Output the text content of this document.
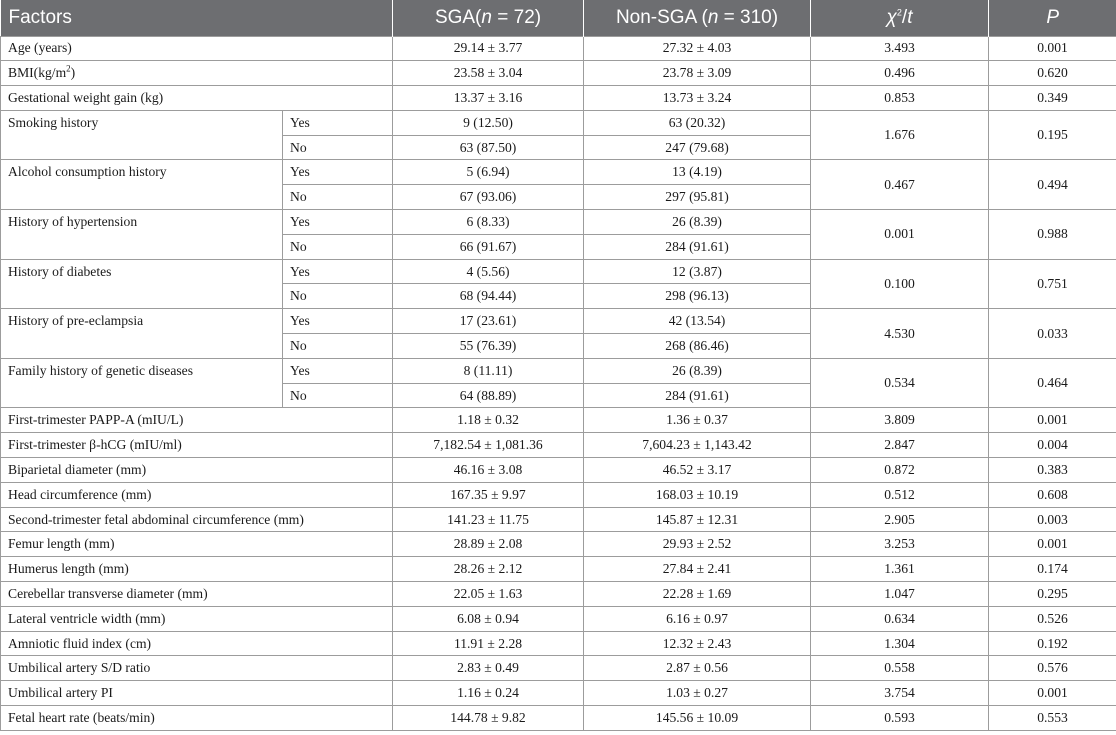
Factors		SGA(n = 72)	Non-SGA (n = 310)	$\chi^2/t$	P
Age (years)		29.14 ± 3.77	27.32 ± 4.03	3.493	0.001
$BMI(kg/m^2)$		23.58 ± 3.04	23.78 ± 3.09	0.496	0.620
Gestational weight gain (kg)		13.37 ± 3.16	13.73 ± 3.24	0.853	0.349
Smoking history	Yes	9 (12.50)	63 (20.32)	1.676	0.195
	No	63 (87.50)	247 (79.68)		
Alcohol consumption history	Yes	5 (6.94)	13 (4.19)	0.467	0.494
	No	67 (93.06)	297 (95.81)		
History of hypertension	Yes	6 (8.33)	26 (8.39)	0.001	0.988
	No	66 (91.67)	284 (91.61)		
History of diabetes	Yes	4 (5.56)	12 (3.87)	0.100	0.751
	No	68 (94.44)	298 (96.13)		
History of pre-eclampsia	Yes	17 (23.61)	42 (13.54)	4.530	0.033
	No	55 (76.39)	268 (86.46)		
Family history of genetic diseases	Yes	8 (11.11)	26 (8.39)	0.534	0.464
	No	64 (88.89)	284 (91.61)		
First-trimester PAPP-A (mIU/L)		1.18 ± 0.32	1.36 ± 0.37	3.809	0.001
First-trimester β-hCG (mIU/ml)		7,182.54 ± 1,081.36	7,604.23 ± 1,143.42	2.847	0.004
Biparietal diameter (mm)		46.16 ± 3.08	46.52 ± 3.17	0.872	0.383
Head circumference (mm)		167.35 ± 9.97	168.03 ± 10.19	0.512	0.608
Second-trimester fetal abdominal circumference (mm)		141.23 ± 11.75	145.87 ± 12.31	2.905	0.003
Femur length (mm)		28.89 ± 2.08	29.93 ± 2.52	3.253	0.001
Humerus length (mm)		28.26 ± 2.12	27.84 ± 2.41	1.361	0.174
Cerebellar transverse diameter (mm)		22.05 ± 1.63	22.28 ± 1.69	1.047	0.295
Lateral ventricle width (mm)		6.08 ± 0.94	6.16 ± 0.97	0.634	0.526
Amniotic fluid index (cm)		11.91 ± 2.28	12.32 ± 2.43	1.304	0.192
Umbilical artery S/D ratio		2.83 ± 0.49	2.87 ± 0.56	0.558	0.576
Umbilical artery PI		1.16 ± 0.24	1.03 ± 0.27	3.754	0.001
Fetal heart rate (beats/min)		144.78 ± 9.82	145.56 ± 10.09	0.593	0.553
